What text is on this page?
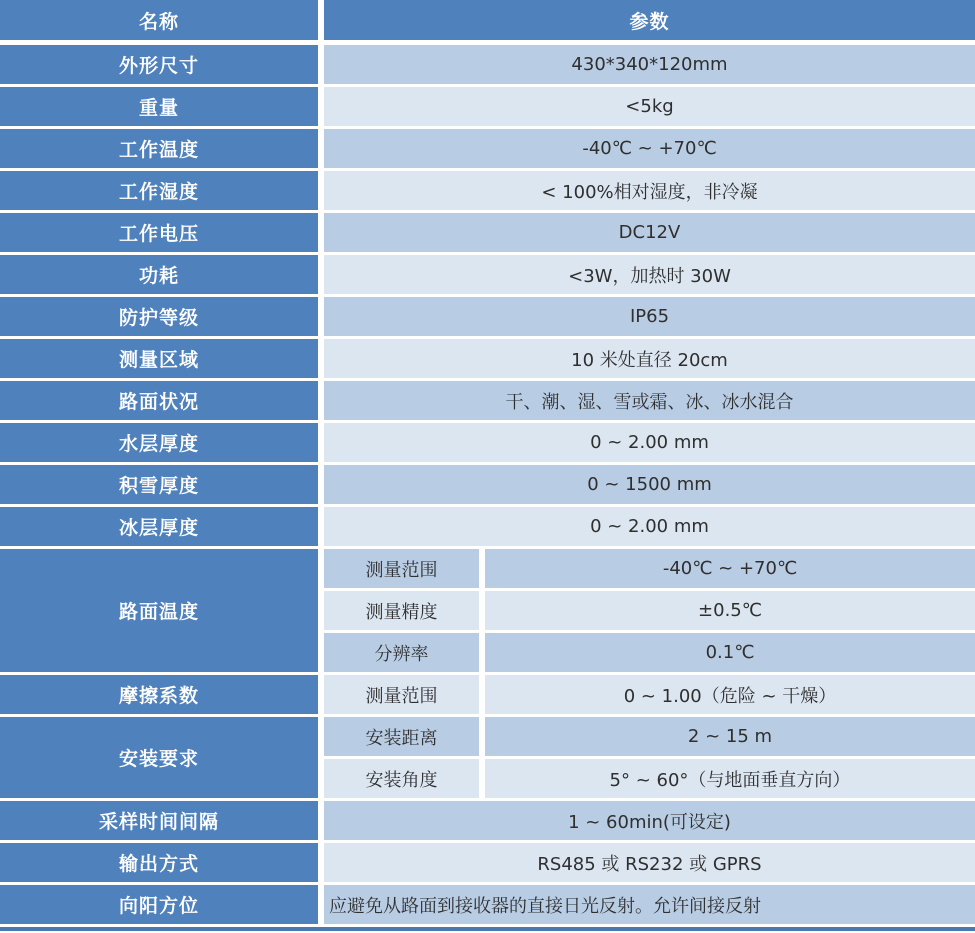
名称	参数
外形尺寸	430*340*120mm
重量	<5kg
工作温度	-40℃ ~ +70℃
工作湿度	< 100%相对湿度，非冷凝
工作电压	DC12V
功耗	<3W，加热时 30W
防护等级	IP65
测量区域	10 米处直径 20cm
路面状况	干、潮、湿、雪或霜、冰、冰水混合
水层厚度	0 ~ 2.00 mm
积雪厚度	0 ~ 1500 mm
冰层厚度	0 ~ 2.00 mm
路面温度
测量范围	-40℃ ~ +70℃
测量精度	±0.5℃
分辨率	0.1℃
摩擦系数	测量范围	0 ~ 1.00（危险 ~ 干燥）
安装要求
安装距离	2 ~ 15 m
安装角度	5° ~ 60°（与地面垂直方向）
采样时间间隔	1 ~ 60min(可设定)
输出方式	RS485 或 RS232 或 GPRS
向阳方位	应避免从路面到接收器的直接日光反射。允许间接反射
